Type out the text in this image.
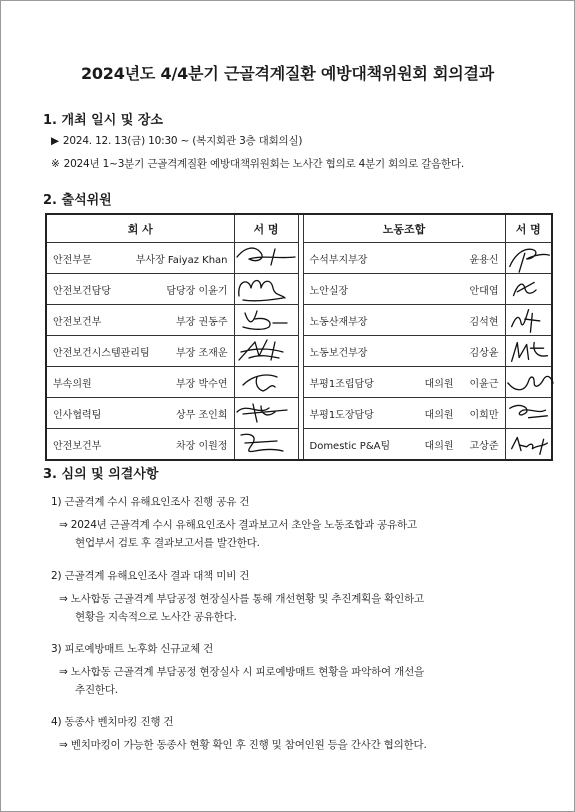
2024년도 4/4분기 근골격계질환 예방대책위원회 회의결과
1. 개최 일시 및 장소
▶ 2024. 12. 13(금) 10:30 ~ (복지회관 3층 대회의실)
※ 2024년 1~3분기 근골격계질환 예방대책위원회는 노사간 협의로 4분기 회의로 갈음한다.
2. 출석위원
회 사	서 명		노동조합	서 명

안전부문 부사장 Faiyaz Khan			수석부지부장 윤용신

안전보건담당 담당장 이윤기			노안실장 안대엽

안전보건부 부장 권동주			노동산재부장 김석현

안전보건시스템관리팀 부장 조재운			노동보건부장 김상윤

부속의원 부장 박수연			부평1조립담당 대의원 이윤근

인사협력팀 상무 조인희			부평1도장담당 대의원 이희만

안전보건부 차장 이원정			Domestic P&A팀 대의원 고상준

3. 심의 및 의결사항
1) 근골격계 수시 유해요인조사 진행 공유 건
⇒ 2024년 근골격계 수시 유해요인조사 결과보고서 초안을 노동조합과 공유하고
현업부서 검토 후 결과보고서를 발간한다.
2) 근골격계 유해요인조사 결과 대책 미비 건
⇒ 노사합동 근골격계 부담공정 현장실사를 통해 개선현황 및 추진계획을 확인하고
현황을 지속적으로 노사간 공유한다.
3) 피로예방매트 노후화 신규교체 건
⇒ 노사합동 근골격계 부담공정 현장실사 시 피로예방매트 현황을 파악하여 개선을
추진한다.
4) 동종사 벤치마킹 진행 건
⇒ 벤치마킹이 가능한 동종사 현황 확인 후 진행 및 참여인원 등을 간사간 협의한다.
